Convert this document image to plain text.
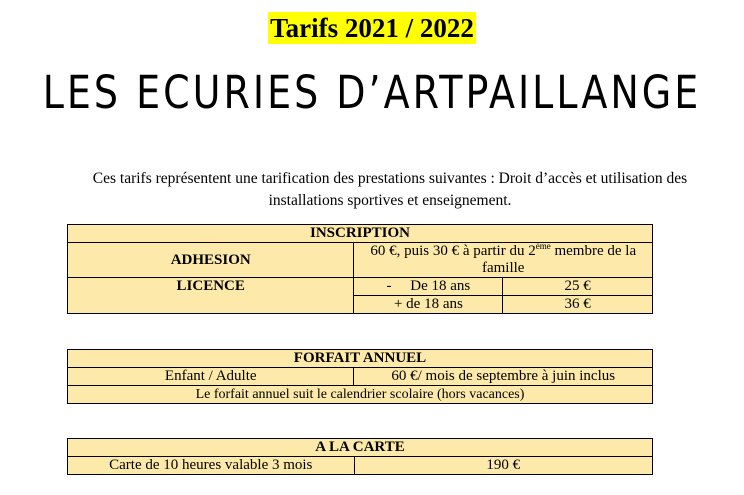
Tarifs 2021 / 2022
LES ECURIES D’ARTPAILLANGE
Ces tarifs représentent une tarification des prestations suivantes : Droit d’accès et utilisation des installations sportives et enseignement.
INSCRIPTION		
ADHESION	60 €, puis 30 € à partir du 2ème membre de la famille	
LICENCE	-     De 18 ans	25 €
	+ de 18 ans	36 €
FORFAIT ANNUEL
Enfant / Adulte	60 €/ mois de septembre à juin inclus
Le forfait annuel suit le calendrier scolaire (hors vacances)
A LA CARTE
Carte de 10 heures valable 3 mois	190 €
